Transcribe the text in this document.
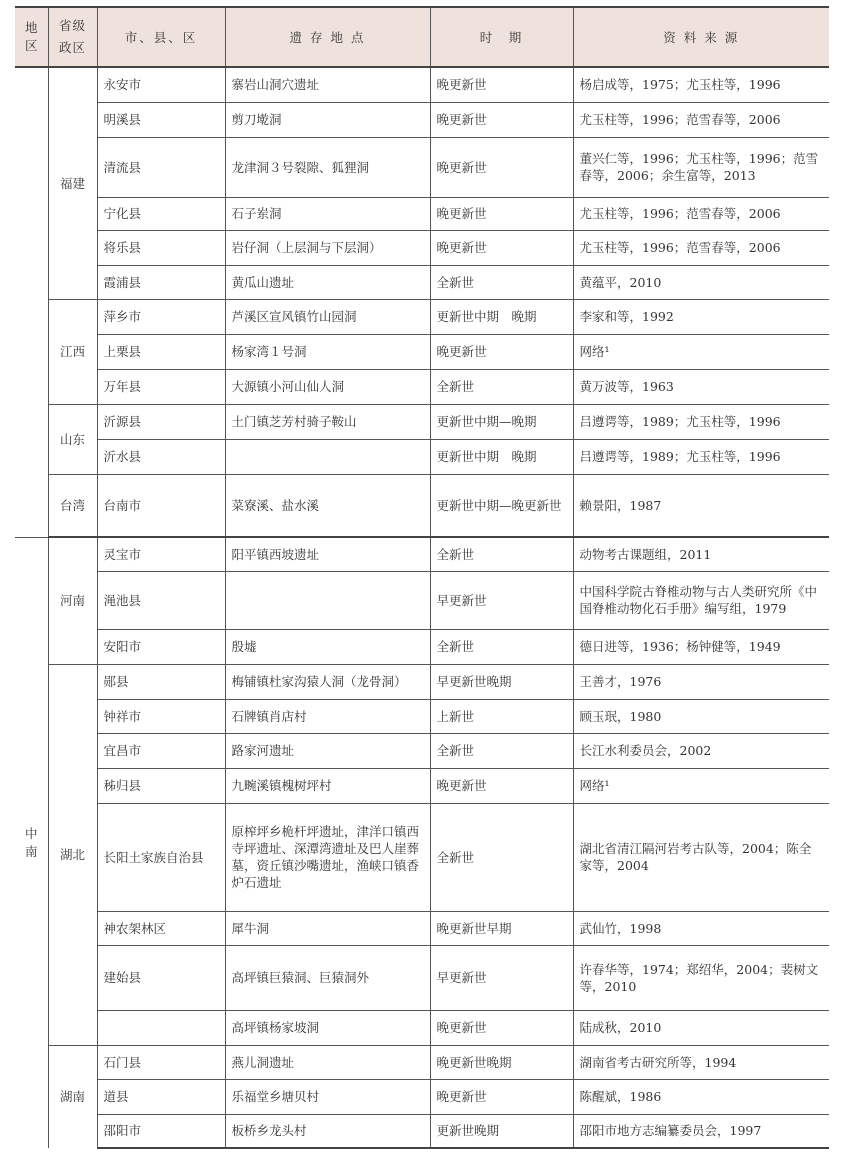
地区	省级政区	市、县、区	遗 存 地 点	时　期	资 料 来 源
	福建	永安市	寨岩山洞穴遗址	晚更新世	杨启成等，1975；尤玉柱等，1996
		明溪县	剪刀墘洞	晚更新世	尤玉柱等，1996；范雪春等，2006
		清流县	龙津洞３号裂隙、狐狸洞	晚更新世	董兴仁等，1996；尤玉柱等，1996；范雪春等，2006；余生富等，2013
		宁化县	石子岽洞	晚更新世	尤玉柱等，1996；范雪春等，2006
		将乐县	岩仔洞（上层洞与下层洞）	晚更新世	尤玉柱等，1996；范雪春等，2006
		霞浦县	黄瓜山遗址	全新世	黄蕴平，2010
	江西	萍乡市	芦溪区宣风镇竹山园洞	更新世中期　晚期	李家和等，1992
		上栗县	杨家湾１号洞	晚更新世	网络¹
		万年县	大源镇小河山仙人洞	全新世	黄万波等，1963
	山东	沂源县	土门镇芝芳村骑子鞍山	更新世中期—晚期	吕遵谔等，1989；尤玉柱等，1996
		沂水县		更新世中期　晚期	吕遵谔等，1989；尤玉柱等，1996
	台湾	台南市	菜寮溪、盐水溪	更新世中期—晚更新世	赖景阳，1987
中南	河南	灵宝市	阳平镇西坡遗址	全新世	动物考古课题组，2011
		渑池县		早更新世	中国科学院古脊椎动物与古人类研究所《中国脊椎动物化石手册》编写组，1979
		安阳市	殷墟	全新世	德日进等，1936；杨钟健等，1949
	湖北	郧县	梅铺镇杜家沟猿人洞（龙骨洞）	早更新世晚期	王善才，1976
		钟祥市	石牌镇肖店村	上新世	顾玉珉，1980
		宜昌市	路家河遗址	全新世	长江水利委员会，2002
		秭归县	九畹溪镇槐树坪村	晚更新世	网络¹
		长阳土家族自治县	原榨坪乡桅杆坪遗址，津洋口镇西寺坪遗址、深潭湾遗址及巴人崖葬墓，资丘镇沙嘴遗址，渔峡口镇香炉石遗址	全新世	湖北省清江隔河岩考古队等，2004；陈全家等，2004
		神农架林区	犀牛洞	晚更新世早期	武仙竹，1998
		建始县	高坪镇巨猿洞、巨猿洞外	早更新世	许春华等，1974；郑绍华，2004；裴树文等，2010
			高坪镇杨家坡洞	晚更新世	陆成秋，2010
	湖南	石门县	燕儿洞遗址	晚更新世晚期	湖南省考古研究所等，1994
		道县	乐福堂乡塘贝村	晚更新世	陈醒斌，1986
		邵阳市	板桥乡龙头村	更新世晚期	邵阳市地方志编纂委员会，1997
